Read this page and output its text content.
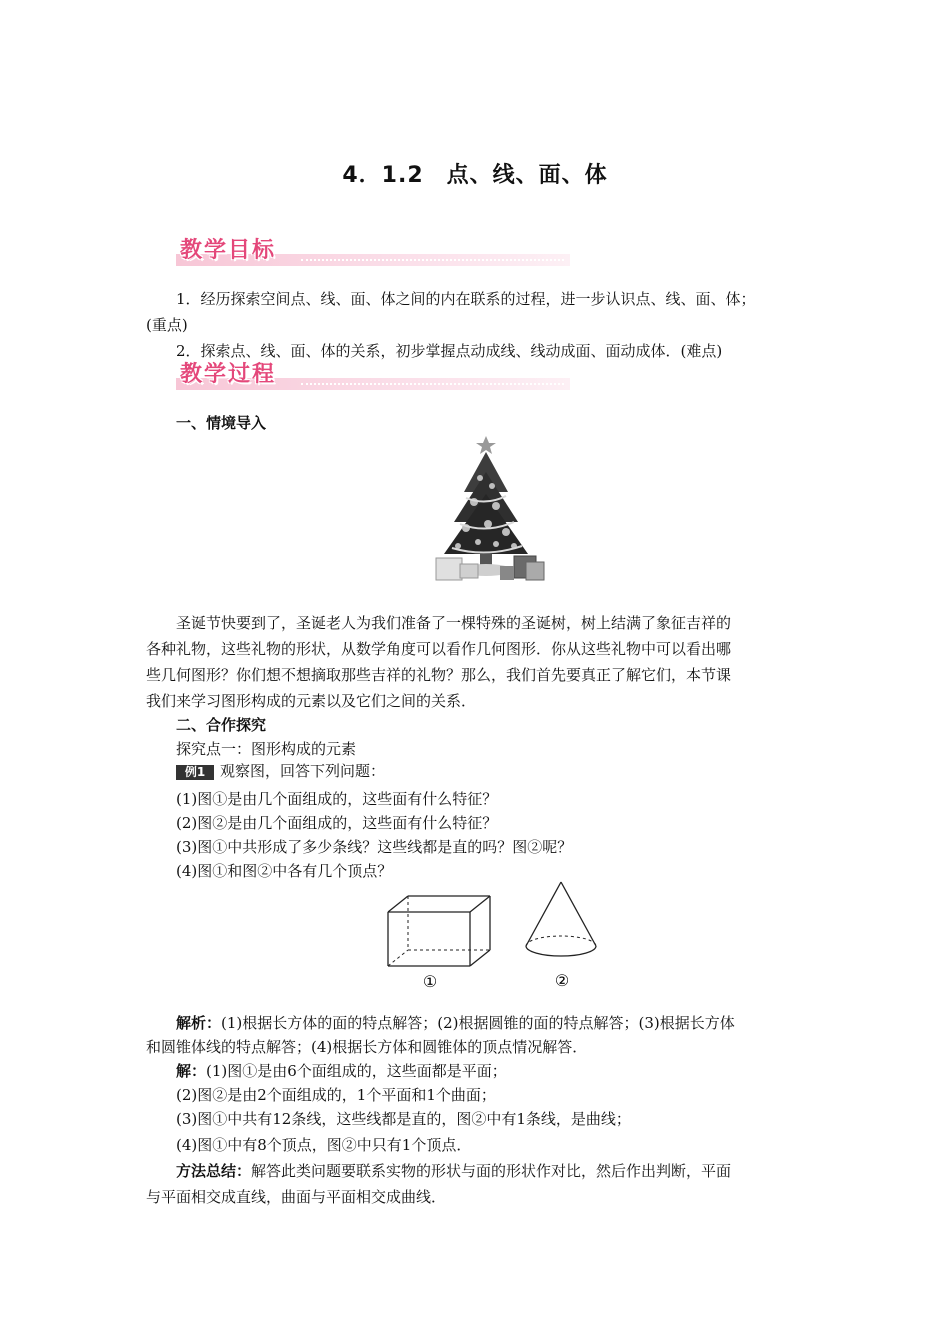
4．1.2　点、线、面、体
教学目标
1．经历探索空间点、线、面、体之间的内在联系的过程，进一步认识点、线、面、体；
(重点)
2．探索点、线、面、体的关系，初步掌握点动成线、线动成面、面动成体．(难点)
教学过程
一、情境导入
圣诞节快要到了，圣诞老人为我们准备了一棵特殊的圣诞树，树上结满了象征吉祥的
各种礼物，这些礼物的形状，从数学角度可以看作几何图形．你从这些礼物中可以看出哪
些几何图形？你们想不想摘取那些吉祥的礼物？那么，我们首先要真正了解它们，本节课
我们来学习图形构成的元素以及它们之间的关系．
二、合作探究
探究点一：图形构成的元素
例1 观察图，回答下列问题：
(1)图①是由几个面组成的，这些面有什么特征？
(2)图②是由几个面组成的，这些面有什么特征？
(3)图①中共形成了多少条线？这些线都是直的吗？图②呢？
(4)图①和图②中各有几个顶点？
①	②
解析：(1)根据长方体的面的特点解答；(2)根据圆锥的面的特点解答；(3)根据长方体
和圆锥体线的特点解答；(4)根据长方体和圆锥体的顶点情况解答．
解：(1)图①是由6个面组成的，这些面都是平面；
(2)图②是由2个面组成的，1个平面和1个曲面；
(3)图①中共有12条线，这些线都是直的，图②中有1条线，是曲线；
(4)图①中有8个顶点，图②中只有1个顶点．
方法总结：解答此类问题要联系实物的形状与面的形状作对比，然后作出判断，平面
与平面相交成直线，曲面与平面相交成曲线．
